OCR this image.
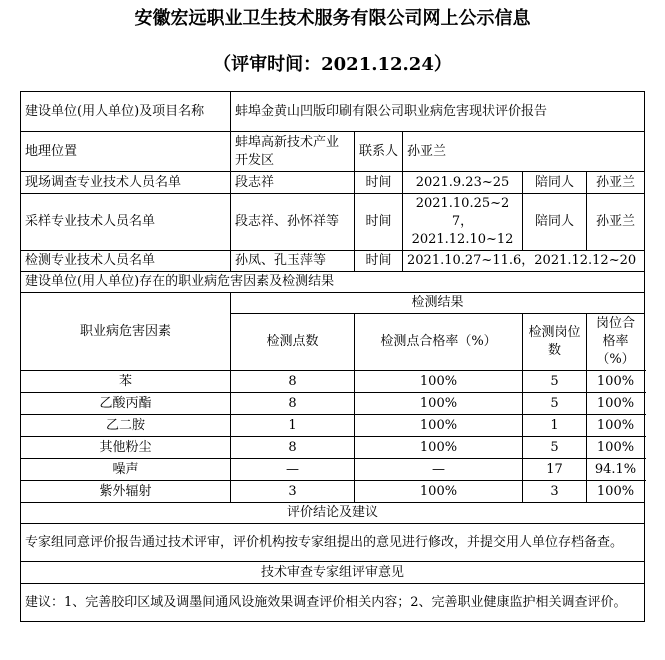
安徽宏远职业卫生技术服务有限公司网上公示信息
（评审时间：2021.12.24）
建设单位(用人单位)及项目名称	蚌埠金黄山凹版印刷有限公司职业病危害现状评价报告				
地理位置	蚌埠高新技术产业开发区	联系人	孙亚兰		
现场调查专业技术人员名单	段志祥	时间	2021.9.23~25	陪同人	孙亚兰
采样专业技术人员名单	段志祥、孙怀祥等	时间	2021.10.25~27，
2021.12.10~12	陪同人	孙亚兰
检测专业技术人员名单	孙凤、孔玉萍等	时间	2021.10.27~11.6，2021.12.12~20		
建设单位(用人单位)存在的职业病危害因素及检测结果					
职业病危害因素	检测结果				
	检测点数	检测点合格率（%）		检测岗位数	岗位合格率（%）
苯	8	100%		5	100%
乙酸丙酯	8	100%		5	100%
乙二胺	1	100%		1	100%
其他粉尘	8	100%		5	100%
噪声	—	—		17	94.1%
紫外辐射	3	100%		3	100%
评价结论及建议					
专家组同意评价报告通过技术评审，评价机构按专家组提出的意见进行修改，并提交用人单位存档备查。					
技术审查专家组评审意见					
建议：1、完善胶印区域及调墨间通风设施效果调查评价相关内容；2、完善职业健康监护相关调查评价。					
